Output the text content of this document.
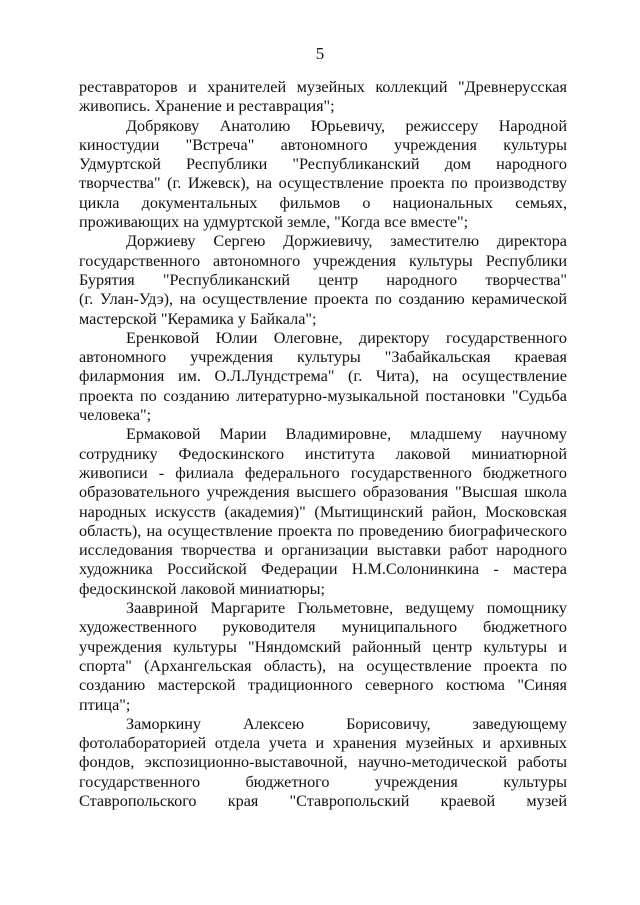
5
реставраторов и хранителей музейных коллекций "Древнерусская
живопись. Хранение и реставрация";
Добрякову Анатолию Юрьевичу, режиссеру Народной
киностудии "Встреча" автономного учреждения культуры
Удмуртской Республики "Республиканский дом народного
творчества" (г. Ижевск), на осуществление проекта по производству
цикла документальных фильмов о национальных семьях,
проживающих на удмуртской земле, "Когда все вместе";
Доржиеву Сергею Доржиевичу, заместителю директора
государственного автономного учреждения культуры Республики
Бурятия "Республиканский центр народного творчества"
(г. Улан-Удэ), на осуществление проекта по созданию керамической
мастерской "Керамика у Байкала";
Еренковой Юлии Олеговне, директору государственного
автономного учреждения культуры "Забайкальская краевая
филармония им. О.Л.Лундстрема" (г. Чита), на осуществление
проекта по созданию литературно-музыкальной постановки "Судьба
человека";
Ермаковой Марии Владимировне, младшему научному
сотруднику Федоскинского института лаковой миниатюрной
живописи - филиала федерального государственного бюджетного
образовательного учреждения высшего образования "Высшая школа
народных искусств (академия)" (Мытищинский район, Московская
область), на осуществление проекта по проведению биографического
исследования творчества и организации выставки работ народного
художника Российской Федерации Н.М.Солонинкина - мастера
федоскинской лаковой миниатюры;
Заавриной Маргарите Гюльметовне, ведущему помощнику
художественного руководителя муниципального бюджетного
учреждения культуры "Няндомский районный центр культуры и
спорта" (Архангельская область), на осуществление проекта по
созданию мастерской традиционного северного костюма "Синяя
птица";
Заморкину Алексею Борисовичу, заведующему
фотолабораторией отдела учета и хранения музейных и архивных
фондов, экспозиционно-выставочной, научно-методической работы
государственного бюджетного учреждения культуры
Ставропольского края "Ставропольский краевой музей
